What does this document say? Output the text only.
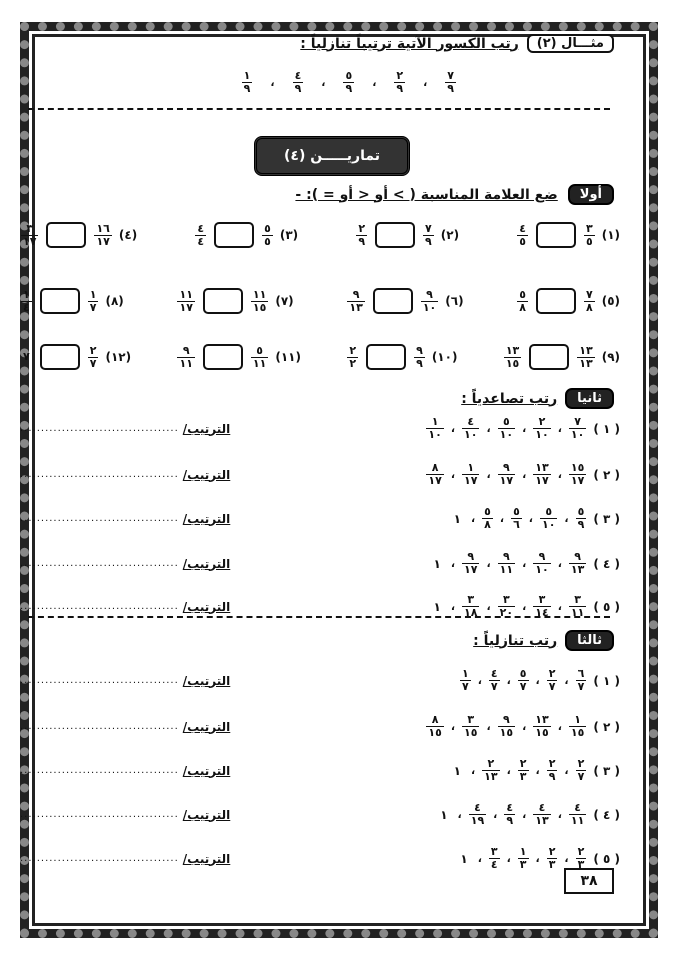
مثـــال (٢)
رتب الكسور الآتية ترتيباً تنازلياً :
$\frac{٧}{٩}$
،
$\frac{٢}{٩}$
،
$\frac{٥}{٩}$
،
$\frac{٤}{٩}$
،
$\frac{١}{٩}$
تماريـــــن (٤)
أولا
ضع العلامة المناسبة ( > أو < أو = ): -
(١)
$\frac{٣}{٥}$
$\frac{٤}{٥}$
(٢)
$\frac{٧}{٩}$
$\frac{٢}{٩}$
(٣)
$\frac{٥}{٥}$
$\frac{٤}{٤}$
(٤)
$\frac{١٦}{١٧}$
$\frac{٣}{١٧}$
(٥)
$\frac{٧}{٨}$
$\frac{٥}{٨}$
(٦)
$\frac{٩}{١٠}$
$\frac{٩}{١٣}$
(٧)
$\frac{١١}{١٥}$
$\frac{١١}{١٧}$
(٨)
$\frac{١}{٧}$
$\frac{١}{٤}$
(٩)
$\frac{١٣}{١٣}$
$\frac{١٣}{١٥}$
(١٠)
$\frac{٩}{٩}$
$\frac{٢}{٢}$
(١١)
$\frac{٥}{١١}$
$\frac{٩}{١١}$
(١٢)
$\frac{٢}{٧}$
٧
ثانيا
رتب تصاعدياً :
( ١ )
$\frac{٧}{١٠}$
،
$\frac{٢}{١٠}$
،
$\frac{٥}{١٠}$
،
$\frac{٤}{١٠}$
،
$\frac{١}{١٠}$
الترتيب/
......................................
( ٢ )
$\frac{١٥}{١٧}$
،
$\frac{١٣}{١٧}$
،
$\frac{٩}{١٧}$
،
$\frac{١}{١٧}$
،
$\frac{٨}{١٧}$
الترتيب/
......................................
( ٣ )
$\frac{٥}{٩}$
،
$\frac{٥}{١٠}$
،
$\frac{٥}{٦}$
،
$\frac{٥}{٨}$
،
١
الترتيب/
......................................
( ٤ )
$\frac{٩}{١٣}$
،
$\frac{٩}{١٠}$
،
$\frac{٩}{١١}$
،
$\frac{٩}{١٧}$
،
١
الترتيب/
......................................
( ٥ )
$\frac{٣}{١١}$
،
$\frac{٣}{١٤}$
،
$\frac{٣}{٢٠}$
،
$\frac{٣}{١٨}$
،
١
الترتيب/
......................................
ثالثا
رتب تنازلياً :
( ١ )
$\frac{٦}{٧}$
،
$\frac{٢}{٧}$
،
$\frac{٥}{٧}$
،
$\frac{٤}{٧}$
،
$\frac{١}{٧}$
الترتيب/
......................................
( ٢ )
$\frac{١}{١٥}$
،
$\frac{١٣}{١٥}$
،
$\frac{٩}{١٥}$
،
$\frac{٣}{١٥}$
،
$\frac{٨}{١٥}$
الترتيب/
......................................
( ٣ )
$\frac{٢}{٧}$
،
$\frac{٢}{٩}$
،
$\frac{٢}{٣}$
،
$\frac{٢}{١٣}$
،
١
الترتيب/
......................................
( ٤ )
$\frac{٤}{١١}$
،
$\frac{٤}{١٣}$
،
$\frac{٤}{٩}$
،
$\frac{٤}{١٩}$
،
١
الترتيب/
......................................
( ٥ )
$\frac{٢}{٣}$
،
$\frac{٢}{٣}$
،
$\frac{١}{٣}$
،
$\frac{٣}{٤}$
،
١
الترتيب/
......................................
٣٨
